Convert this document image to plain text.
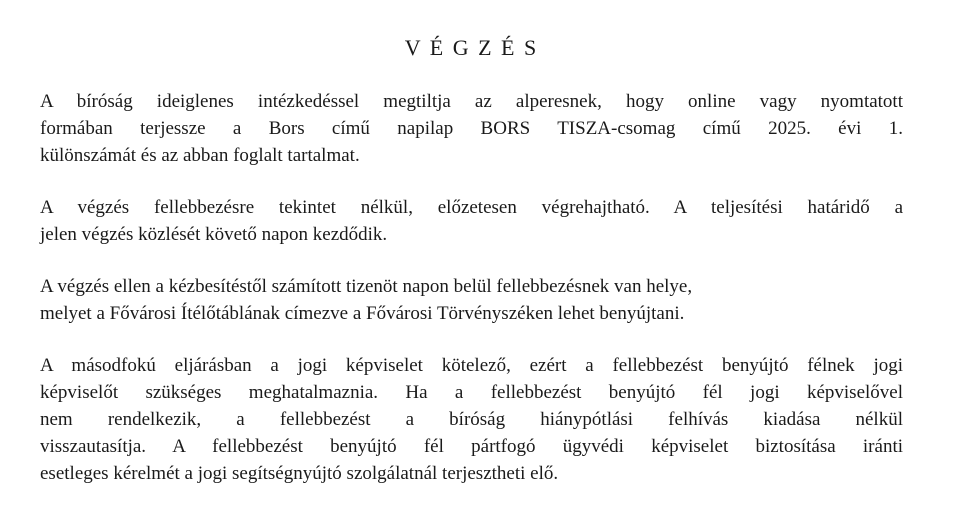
V É G Z É S
A bíróság ideiglenes intézkedéssel megtiltja az alperesnek, hogy online vagy nyomtatott
formában terjessze a Bors című napilap BORS TISZA-csomag című 2025. évi 1.
különszámát és az abban foglalt tartalmat.
A végzés fellebbezésre tekintet nélkül, előzetesen végrehajtható. A teljesítési határidő a
jelen végzés közlését követő napon kezdődik.
A végzés ellen a kézbesítéstől számított tizenöt napon belül fellebbezésnek van helye,
melyet a Fővárosi Ítélőtáblának címezve a Fővárosi Törvényszéken lehet benyújtani.
A másodfokú eljárásban a jogi képviselet kötelező, ezért a fellebbezést benyújtó félnek jogi
képviselőt szükséges meghatalmaznia. Ha a fellebbezést benyújtó fél jogi képviselővel
nem rendelkezik, a fellebbezést a bíróság hiánypótlási felhívás kiadása nélkül
visszautasítja. A fellebbezést benyújtó fél pártfogó ügyvédi képviselet biztosítása iránti
esetleges kérelmét a jogi segítségnyújtó szolgálatnál terjesztheti elő.
